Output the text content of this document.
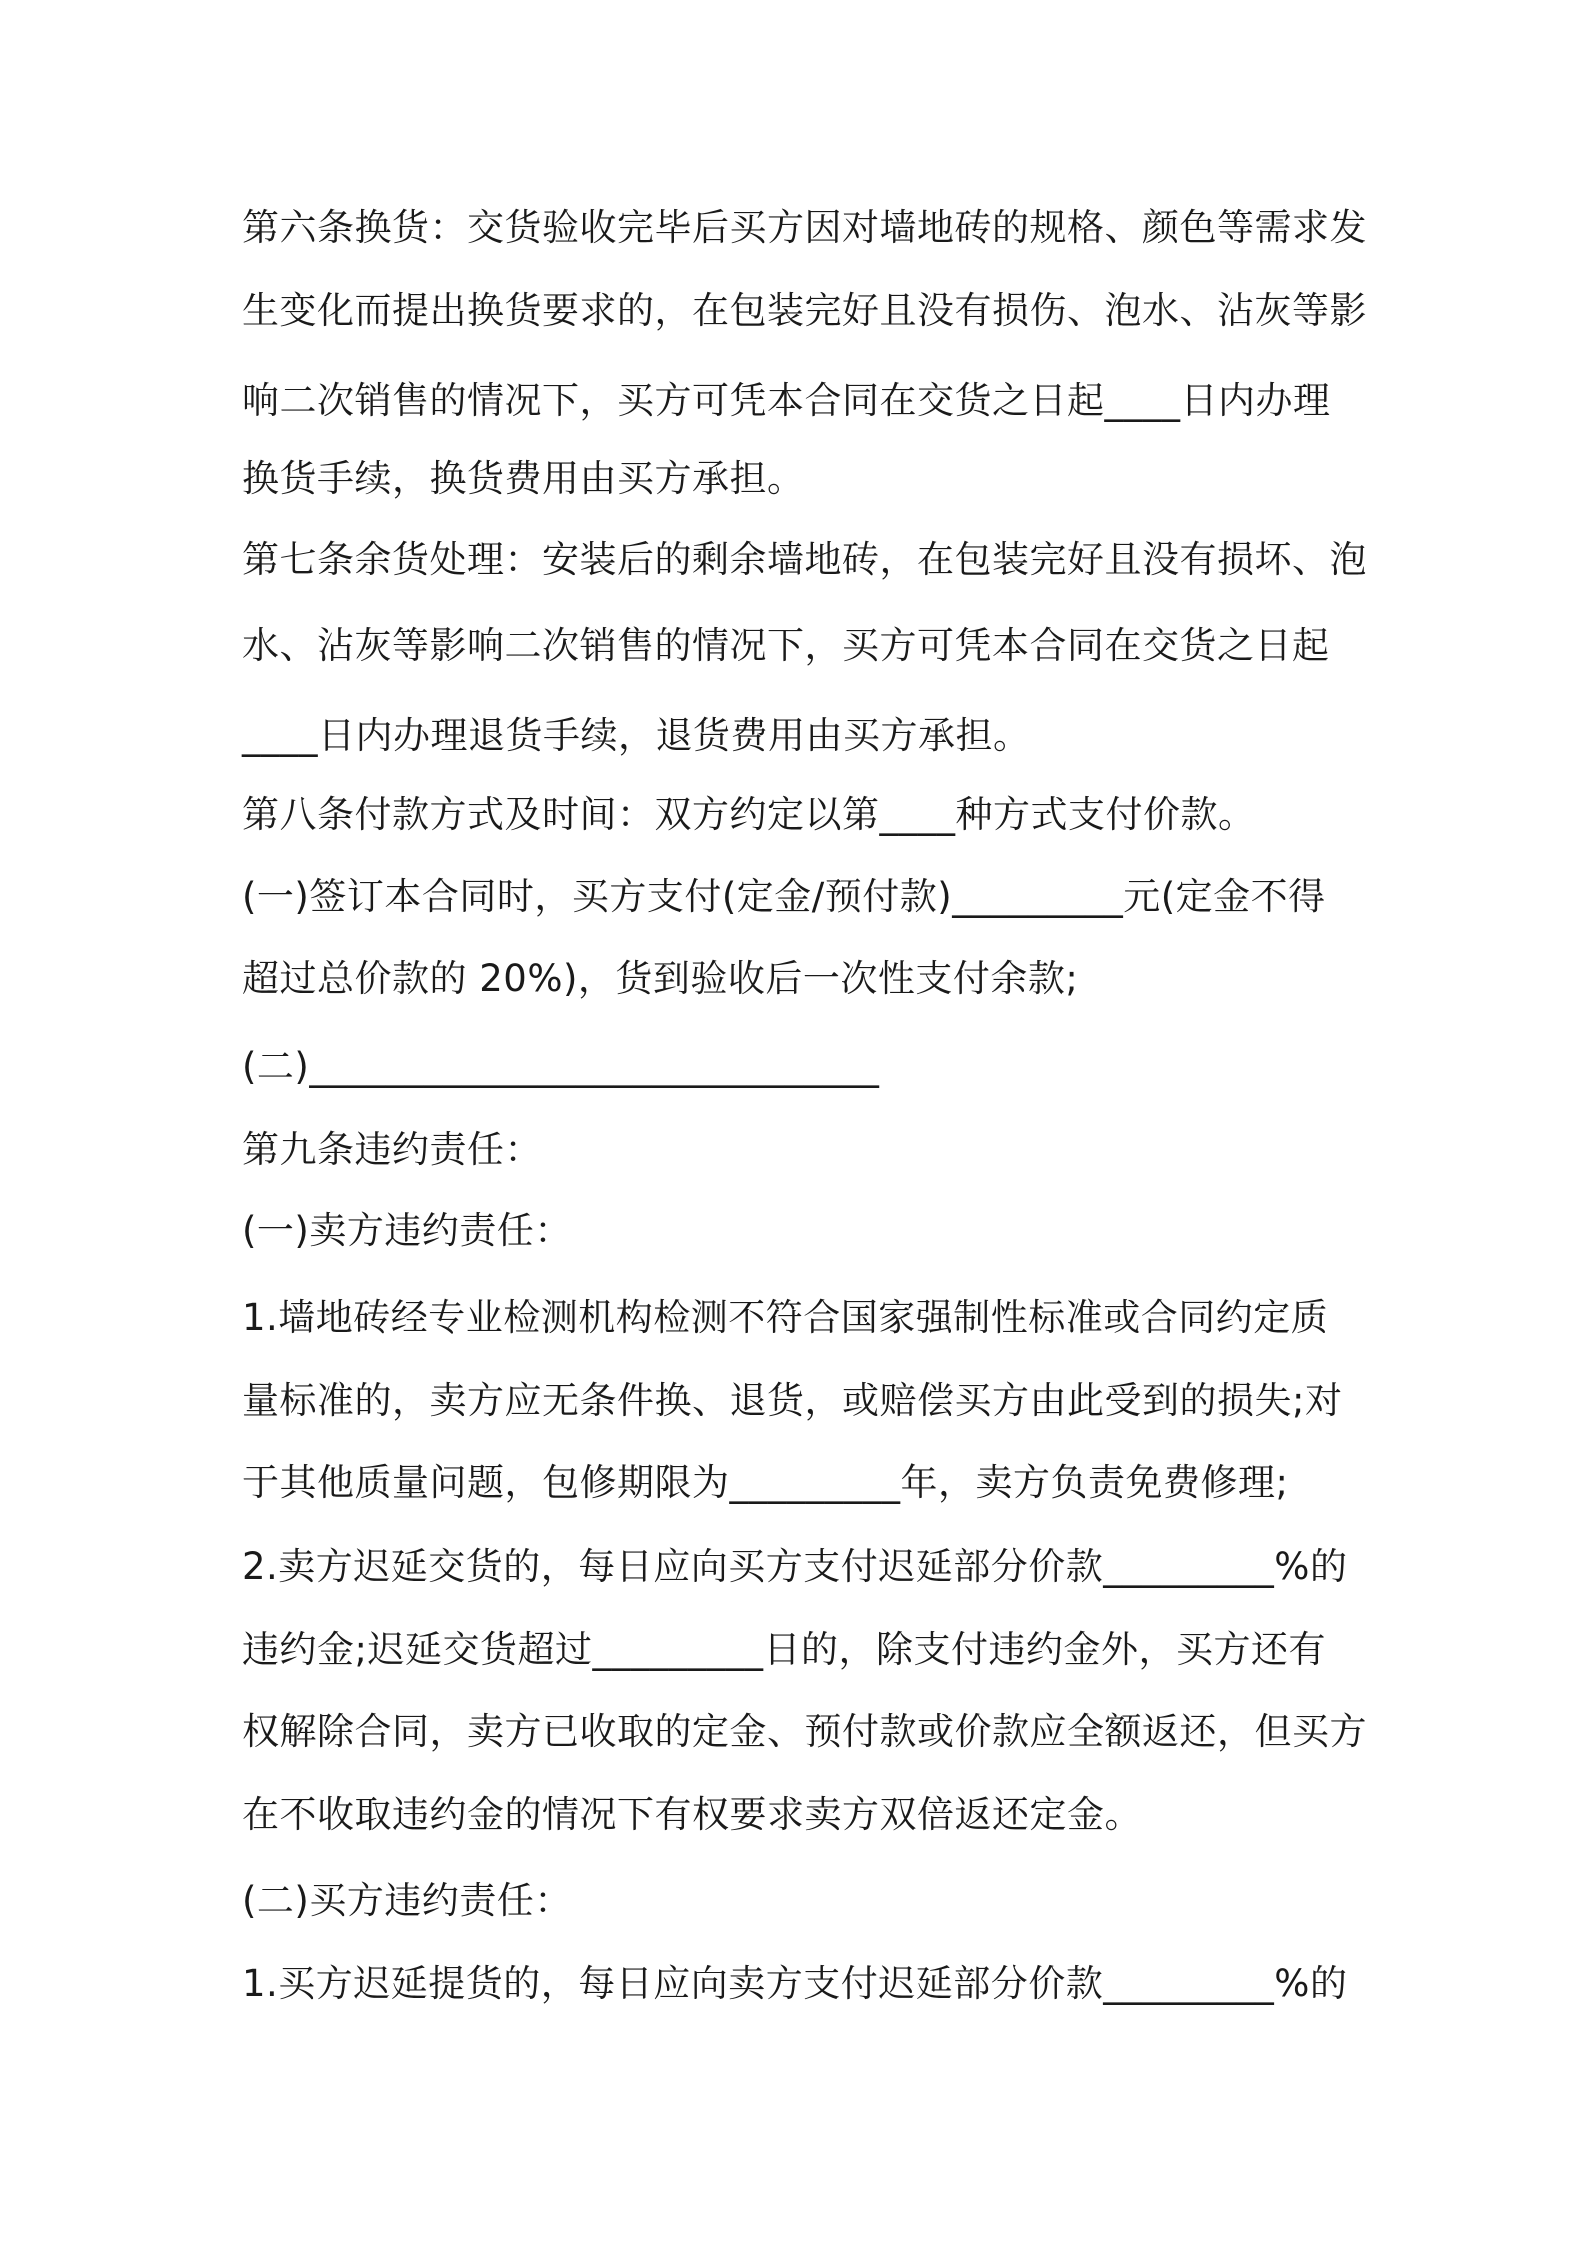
第六条换货：交货验收完毕后买方因对墙地砖的规格、颜色等需求发
生变化而提出换货要求的，在包装完好且没有损伤、泡水、沾灰等影
响二次销售的情况下，买方可凭本合同在交货之日起____日内办理
换货手续，换货费用由买方承担。
第七条余货处理：安装后的剩余墙地砖，在包装完好且没有损坏、泡
水、沾灰等影响二次销售的情况下，买方可凭本合同在交货之日起
____日内办理退货手续，退货费用由买方承担。
第八条付款方式及时间：双方约定以第____种方式支付价款。
(一)签订本合同时，买方支付(定金/预付款)_________元(定金不得
超过总价款的 20%)，货到验收后一次性支付余款;
(二)______________________________
第九条违约责任：
(一)卖方违约责任：
1.墙地砖经专业检测机构检测不符合国家强制性标准或合同约定质
量标准的，卖方应无条件换、退货，或赔偿买方由此受到的损失;对
于其他质量问题，包修期限为_________年，卖方负责免费修理;
2.卖方迟延交货的，每日应向买方支付迟延部分价款_________%的
违约金;迟延交货超过_________日的，除支付违约金外，买方还有
权解除合同，卖方已收取的定金、预付款或价款应全额返还，但买方
在不收取违约金的情况下有权要求卖方双倍返还定金。
(二)买方违约责任：
1.买方迟延提货的，每日应向卖方支付迟延部分价款_________%的
